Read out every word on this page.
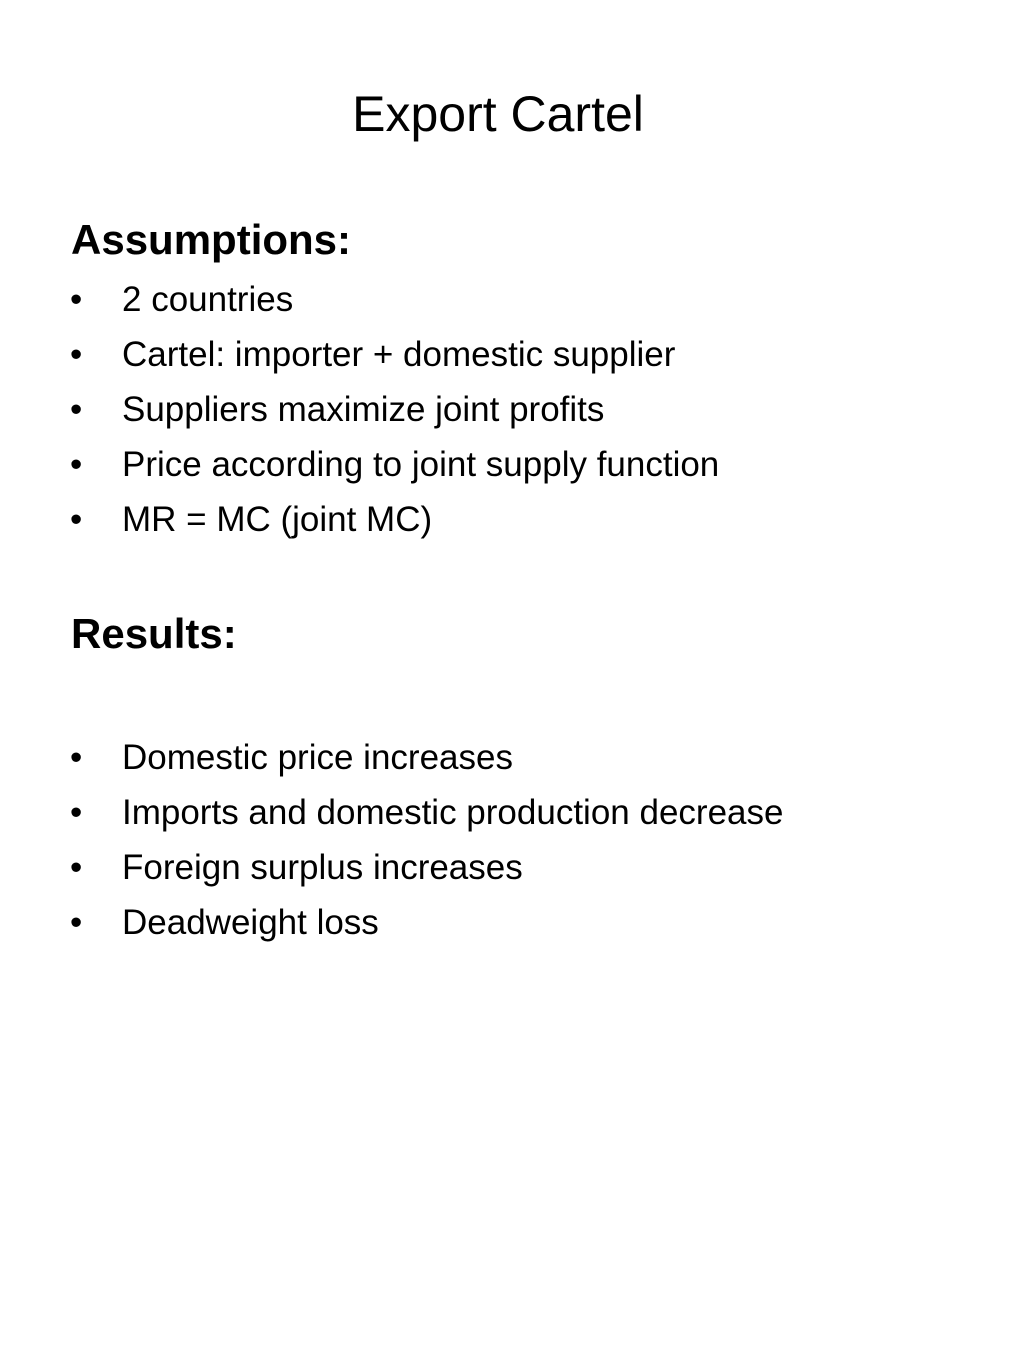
Export Cartel
Assumptions:
• 2 countries
• Cartel: importer + domestic supplier
• Suppliers maximize joint profits
• Price according to joint supply function
• MR = MC (joint MC)
Results:
• Domestic price increases
• Imports and domestic production decrease
• Foreign surplus increases
• Deadweight loss
